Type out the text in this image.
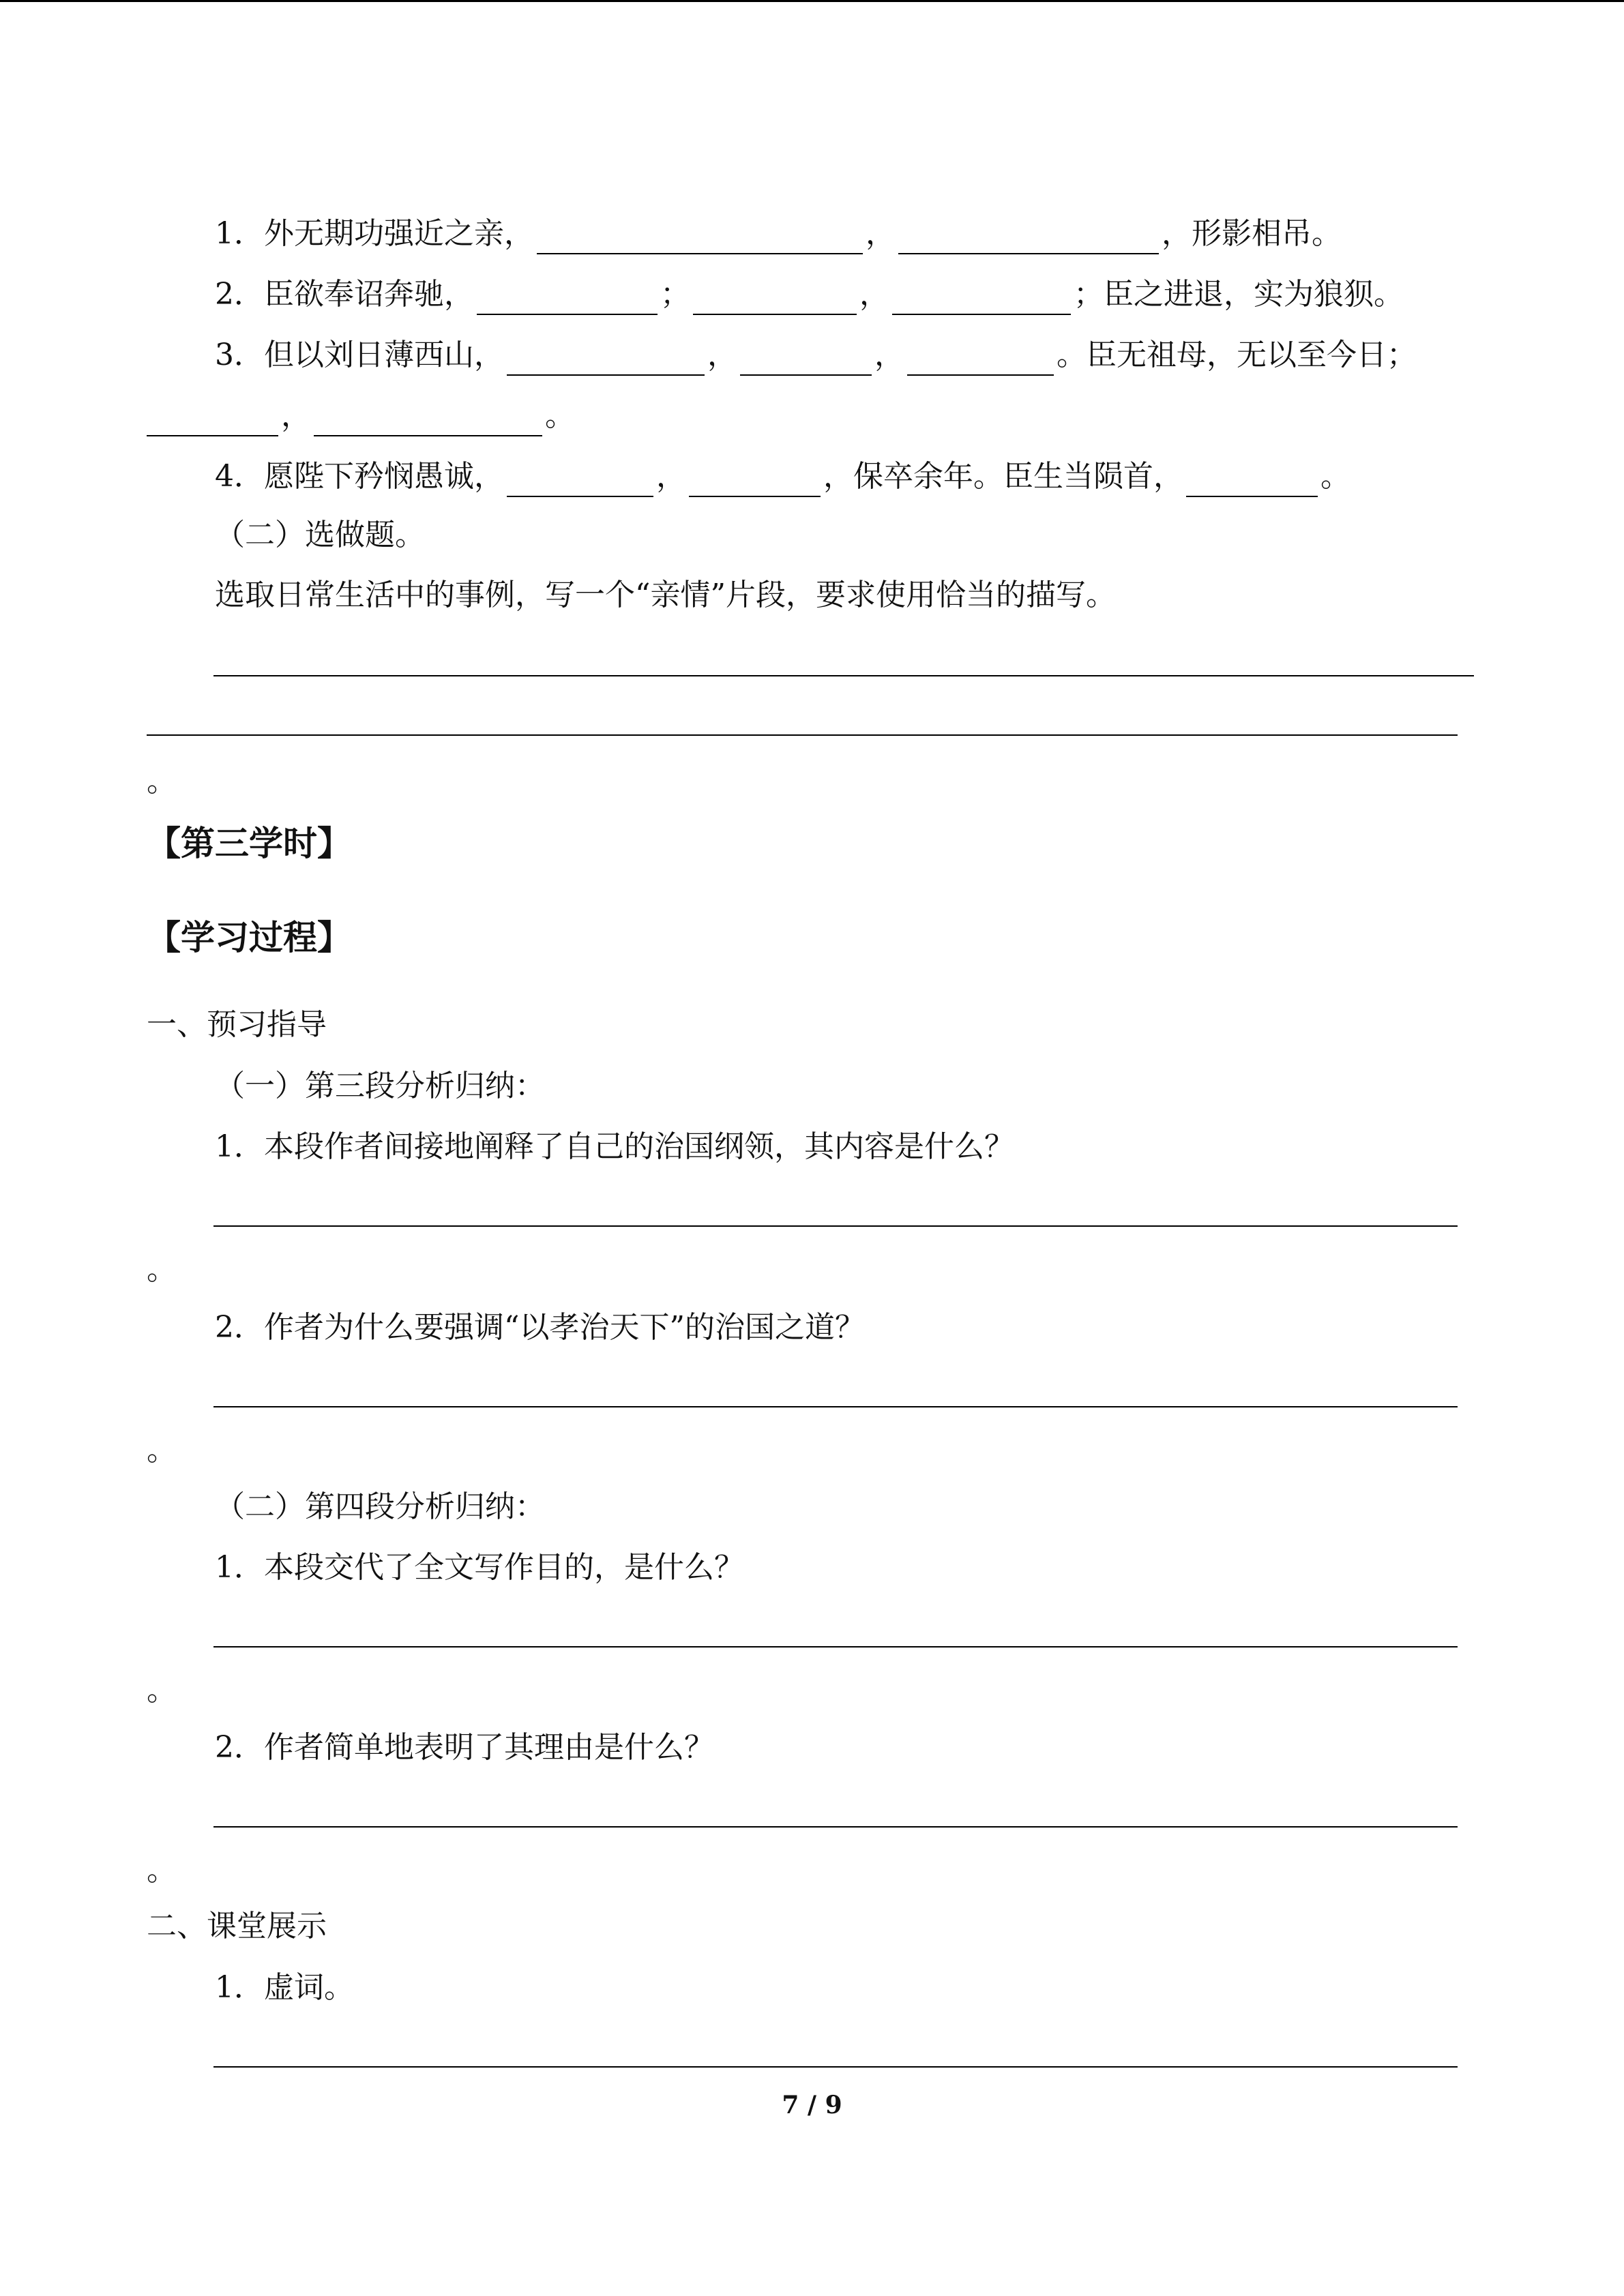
1．外无期功强近之亲，	，	，形影相吊。
2．臣欲奉诏奔驰，	；	，	；臣之进退，实为狼狈。
3．但以刘日薄西山，	，	，	。臣无祖母，无以至今日；
，	。
4．愿陛下矜悯愚诚，	，	，保卒余年。臣生当陨首，	。
（二）选做题。
选取日常生活中的事例，写一个“亲情”片段，要求使用恰当的描写。
。
【第三学时】
【学习过程】
一、预习指导
（一）第三段分析归纳：
1．本段作者间接地阐释了自己的治国纲领，其内容是什么？
。
2．作者为什么要强调“以孝治天下”的治国之道？
。
（二）第四段分析归纳：
1．本段交代了全文写作目的，是什么？
。
2．作者简单地表明了其理由是什么？
。
二、课堂展示
1．虚词。
7 / 9
